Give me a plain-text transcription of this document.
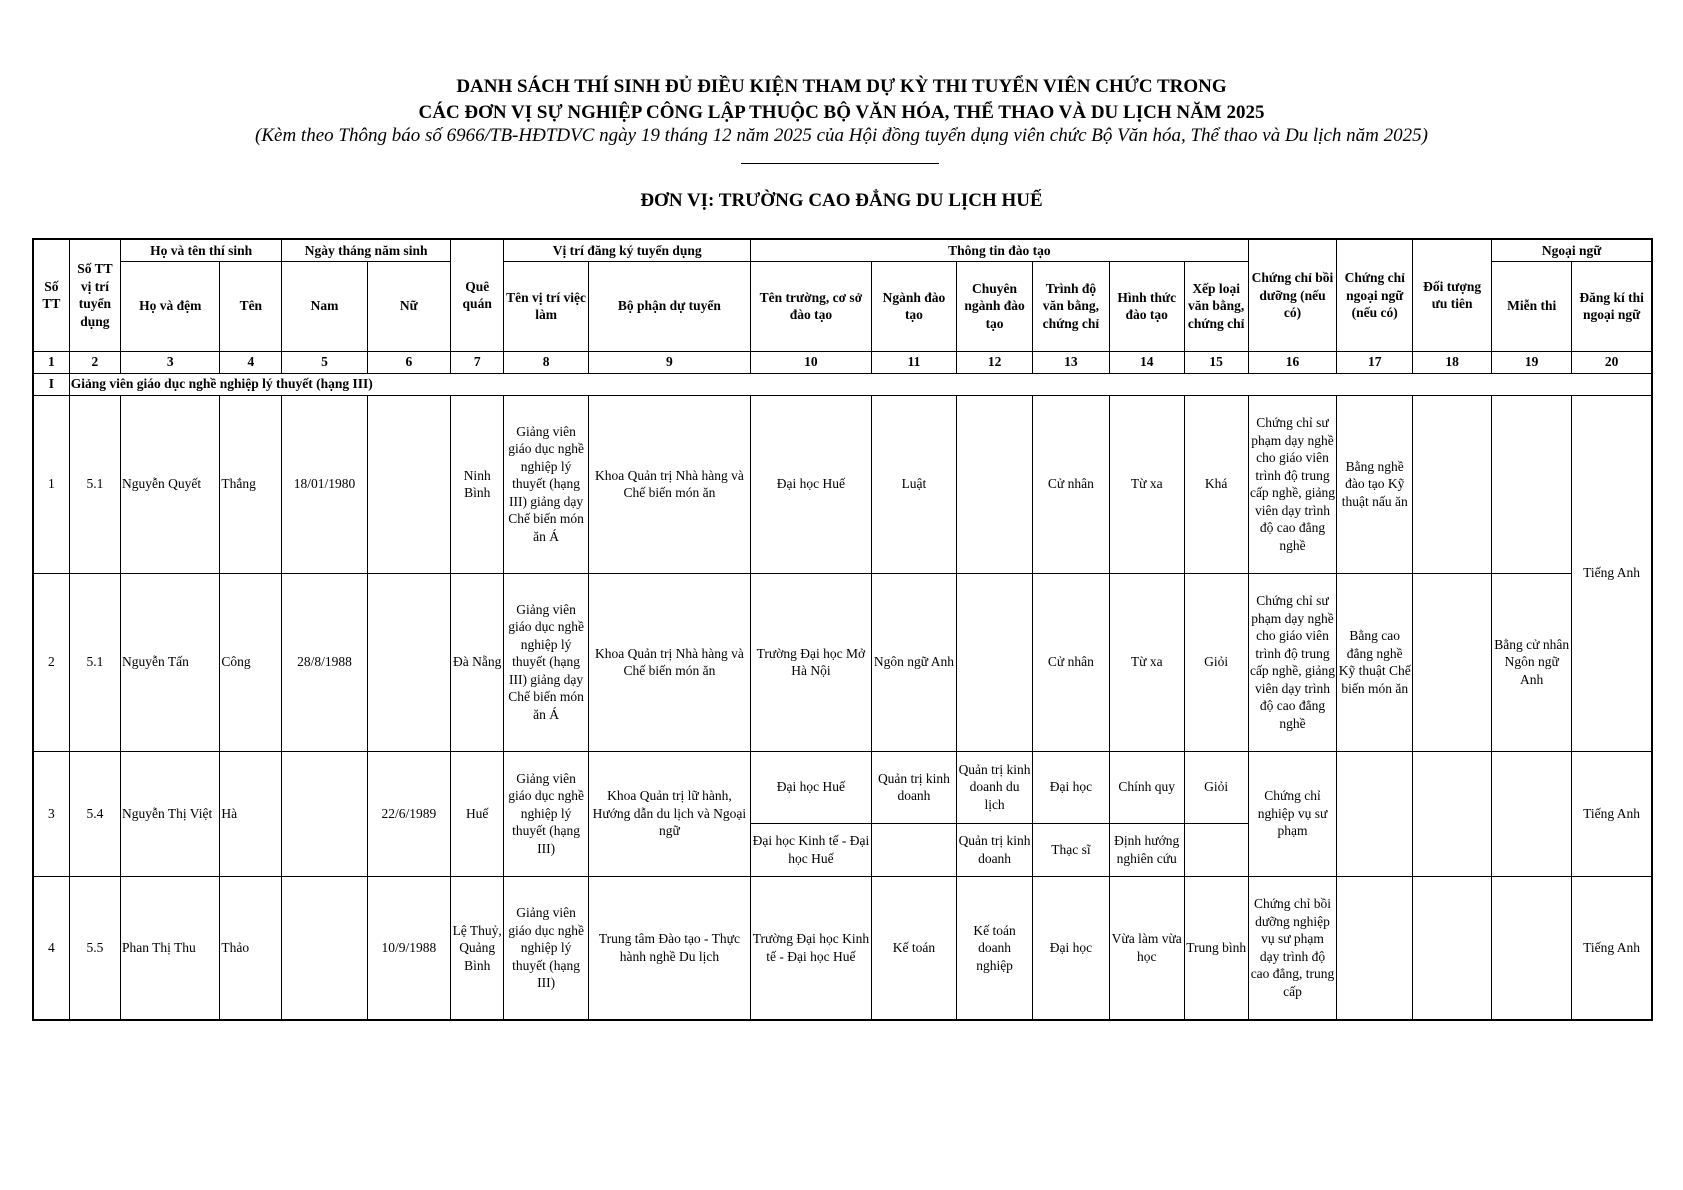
DANH SÁCH THÍ SINH ĐỦ ĐIỀU KIỆN THAM DỰ KỲ THI TUYỂN VIÊN CHỨC TRONG
CÁC ĐƠN VỊ SỰ NGHIỆP CÔNG LẬP THUỘC BỘ VĂN HÓA, THỂ THAO VÀ DU LỊCH NĂM 2025
(Kèm theo Thông báo số 6966/TB-HĐTDVC ngày 19 tháng 12 năm 2025 của Hội đồng tuyển dụng viên chức Bộ Văn hóa, Thể thao và Du lịch năm 2025)
ĐƠN VỊ: TRƯỜNG CAO ĐẲNG DU LỊCH HUẾ
Số TT	Số TT vị trí tuyển dụng	Họ và tên thí sinh		Ngày tháng năm sinh		Quê quán	Vị trí đăng ký tuyển dụng		Thông tin đào tạo						Chứng chỉ bồi dưỡng (nếu có)	Chứng chỉ ngoại ngữ (nếu có)	Đối tượng ưu tiên	Ngoại ngữ	
		Họ và đệm	Tên	Nam	Nữ		Tên vị trí việc làm	Bộ phận dự tuyển	Tên trường, cơ sở đào tạo	Ngành đào tạo	Chuyên ngành đào tạo	Trình độ văn bằng, chứng chỉ	Hình thức đào tạo	Xếp loại văn bằng, chứng chỉ				Miễn thi	Đăng kí thi ngoại ngữ
1	2	3	4	5	6	7	8	9	10	11	12	13	14	15	16	17	18	19	20
I	Giảng viên giáo dục nghề nghiệp lý thuyết (hạng III)																		
1	5.1	Nguyễn Quyết	Thắng	18/01/1980		Ninh Bình	Giảng viên giáo dục nghề nghiệp lý thuyết (hạng III) giảng dạy Chế biến món ăn Á	Khoa Quản trị Nhà hàng và Chế biến món ăn	Đại học Huế	Luật		Cử nhân	Từ xa	Khá	Chứng chỉ sư phạm dạy nghề cho giáo viên trình độ trung cấp nghề, giảng viên dạy trình độ cao đẳng nghề	Bằng nghề đào tạo Kỹ thuật nấu ăn			Tiếng Anh
2	5.1	Nguyễn Tấn	Công	28/8/1988		Đà Nẵng	Giảng viên giáo dục nghề nghiệp lý thuyết (hạng III) giảng dạy Chế biến món ăn Á	Khoa Quản trị Nhà hàng và Chế biến món ăn	Trường Đại học Mở Hà Nội	Ngôn ngữ Anh		Cử nhân	Từ xa	Giỏi	Chứng chỉ sư phạm dạy nghề cho giáo viên trình độ trung cấp nghề, giảng viên dạy trình độ cao đẳng nghề	Bằng cao đẳng nghề Kỹ thuật Chế biến món ăn		Bằng cử nhân Ngôn ngữ Anh	
3	5.4	Nguyễn Thị Việt	Hà		22/6/1989	Huế	Giảng viên giáo dục nghề nghiệp lý thuyết (hạng III)	Khoa Quản trị lữ hành, Hướng dẫn du lịch và Ngoại ngữ	Đại học Huế	Quản trị kinh doanh	Quản trị kinh doanh du lịch	Đại học	Chính quy	Giỏi	Chứng chỉ nghiệp vụ sư phạm				Tiếng Anh
									Đại học Kinh tế - Đại học Huế		Quản trị kinh doanh	Thạc sĩ	Định hướng nghiên cứu						
4	5.5	Phan Thị Thu	Thảo		10/9/1988	Lệ Thuỷ, Quảng Bình	Giảng viên giáo dục nghề nghiệp lý thuyết (hạng III)	Trung tâm Đào tạo - Thực hành nghề Du lịch	Trường Đại học Kinh tế - Đại học Huế	Kế toán	Kế toán doanh nghiệp	Đại học	Vừa làm vừa học	Trung bình	Chứng chỉ bồi dưỡng nghiệp vụ sư phạm dạy trình độ cao đẳng, trung cấp				Tiếng Anh
